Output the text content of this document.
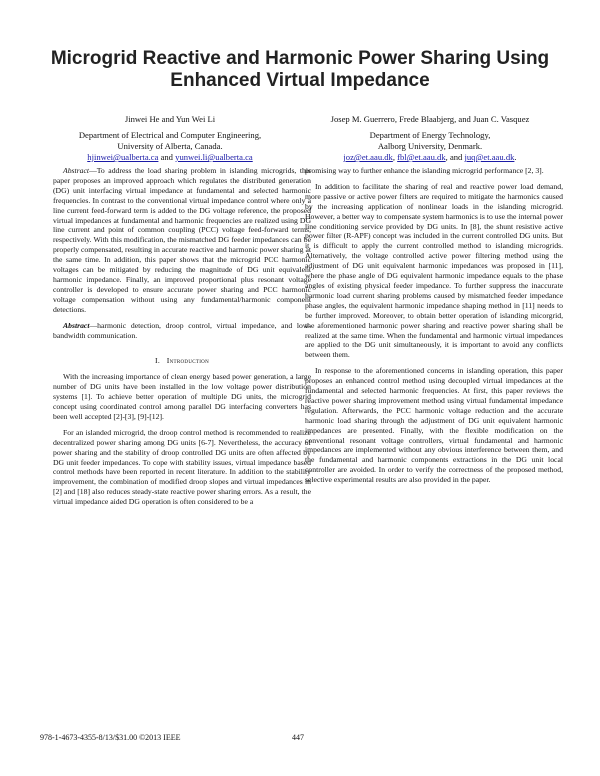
Microgrid Reactive and Harmonic Power Sharing Using
Enhanced Virtual Impedance
Jinwei He and Yun Wei Li
Department of Electrical and Computer Engineering,
University of Alberta, Canada.
hjinwei@ualberta.ca and yunwei.li@ualberta.ca
Josep M. Guerrero, Frede Blaabjerg, and Juan C. Vasquez
Department of Energy Technology,
Aalborg University, Denmark.
joz@et.aau.dk, fbl@et.aau.dk, and juq@et.aau.dk.

Abstract—To address the load sharing problem in islanding microgrids, this paper proposes an improved approach which regulates the distributed generation (DG) unit interfacing virtual impedance at fundamental and selected harmonic frequencies. In contrast to the conventional virtual impedance control where only a line current feed-forward term is added to the DG voltage reference, the proposed virtual impedances at fundamental and harmonic frequencies are realized using DG line current and point of common coupling (PCC) voltage feed-forward terms, respectively. With this modification, the mismatched DG feeder impedances can be properly compensated, resulting in accurate reactive and harmonic power sharing at the same time. In addition, this paper shows that the microgrid PCC harmonic voltages can be mitigated by reducing the magnitude of DG unit equivalent harmonic impedance. Finally, an improved proportional plus resonant voltage controller is developed to ensure accurate power sharing and PCC harmonic voltage compensation without using any fundamental/harmonic component detections.

Abstract—harmonic detection, droop control, virtual impedance, and low-bandwidth communication.

I. Introduction

With the increasing importance of clean energy based power generation, a large number of DG units have been installed in the low voltage power distribution systems [1]. To achieve better operation of multiple DG units, the microgrid concept using coordinated control among parallel DG interfacing converters has been well accepted [2]-[3], [9]-[12].

For an islanded microgrid, the droop control method is recommended to realize decentralized power sharing among DG units [6-7]. Nevertheless, the accuracy of power sharing and the stability of droop controlled DG units are often affected by DG unit feeder impedances. To cope with stability issues, virtual impedance based control methods have been reported in recent literature. In addition to the stability improvement, the combination of modified droop slopes and virtual impedances in [2] and [18] also reduces steady-state reactive power sharing errors. As a result, the virtual impedance aided DG operation is often considered to be a

promising way to further enhance the islanding microgrid performance [2, 3].

In addition to facilitate the sharing of real and reactive power load demand, more passive or active power filters are required to mitigate the harmonics caused by the increasing application of nonlinear loads in the islanding microgrid. However, a better way to compensate system harmonics is to use the internal power line conditioning service provided by DG units. In [8], the shunt resistive active power filter (R-APF) concept was included in the current controlled DG units. But it is difficult to apply the current controlled method to islanding microgrids. Alternatively, the voltage controlled active power filtering method using the adjustment of DG unit equivalent harmonic impedances was proposed in [11], where the phase angle of DG equivalent harmonic impedance equals to the phase angles of existing physical feeder impedance. To further suppress the inaccurate harmonic load current sharing problems caused by mismatched feeder impedance phase angles, the equivalent harmonic impedance shaping method in [11] needs to be further improved. Moreover, to obtain better operation of islanding micorgrid, the aforementioned harmonic power sharing and reactive power sharing shall be realized at the same time. When the fundamental and harmonic virtual impedances are applied to the DG unit simultaneously, it is important to avoid any conflicts between them.

In response to the aforementioned concerns in islanding operation, this paper proposes an enhanced control method using decoupled virtual impedances at the fundamental and selected harmonic frequencies. At first, this paper reviews the reactive power sharing improvement method using virtual fundamental impedance regulation. Afterwards, the PCC harmonic voltage reduction and the accurate harmonic load sharing through the adjustment of DG unit equivalent harmonic impedances are presented. Finally, with the flexible modification on the conventional resonant voltage controllers, virtual fundamental and harmonic impedances are implemented without any obvious interference between them, and the fundamental and harmonic components extractions in the DG unit local controller are avoided. In order to verify the correctness of the proposed method, selective experimental results are also provided in the paper.

978-1-4673-4355-8/13/$31.00 ©2013 IEEE	447
